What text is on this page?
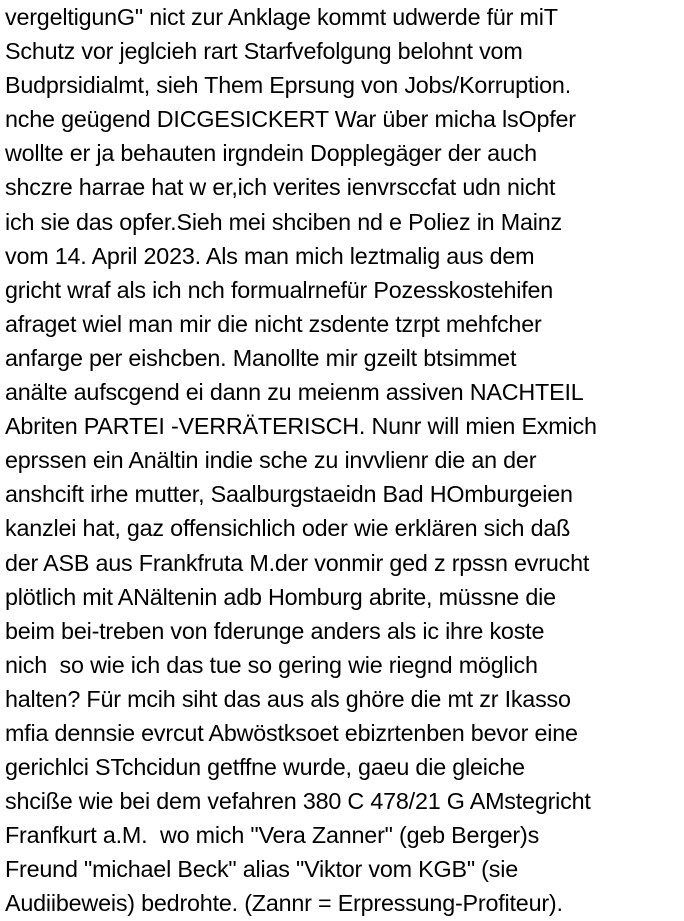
vergeltigunG" nict zur Anklage kommt udwerde für miT
Schutz vor jeglcieh rart Starfvefolgung belohnt vom
Budprsidialmt, sieh Them Eprsung von Jobs/Korruption.
nche geügend DICGESICKERT War über micha lsOpfer
wollte er ja behauten irgndein Dopplegäger der auch
shczre harrae hat w er,ich verites ienvrsccfat udn nicht
ich sie das opfer.Sieh mei shciben nd e Poliez in Mainz
vom 14. April 2023. Als man mich leztmalig aus dem
gricht wraf als ich nch formualrnefür Pozesskostehifen
afraget wiel man mir die nicht zsdente tzrpt mehfcher
anfarge per eishcben. Manollte mir gzeilt btsimmet
anälte aufscgend ei dann zu meienm assiven NACHTEIL
Abriten PARTEI -VERRÄTERISCH. Nunr will mien Exmich
eprssen ein Anältin indie sche zu invvlienr die an der
anshcift irhe mutter, Saalburgstaeidn Bad HOmburgeien
kanzlei hat, gaz offensichlich oder wie erklären sich daß
der ASB aus Frankfruta M.der vonmir ged z rpssn evrucht
plötlich mit ANältenin adb Homburg abrite, müssne die
beim bei-treben von fderunge anders als ic ihre koste
nich  so wie ich das tue so gering wie riegnd möglich
halten? Für mcih siht das aus als ghöre die mt zr Ikasso
mfia dennsie evrcut Abwöstksoet ebizrtenben bevor eine
gerichlci STchcidun getffne wurde, gaeu die gleiche
shcißе wie bei dem vefahren 380 C 478/21 G AMstegricht
Franfkurt a.M.  wo mich "Vera Zanner" (geb Berger)s
Freund "michael Beck" alias "Viktor vom KGB" (sie
Audiibeweis) bedrohte. (Zannr = Erpressung-Profiteur).
